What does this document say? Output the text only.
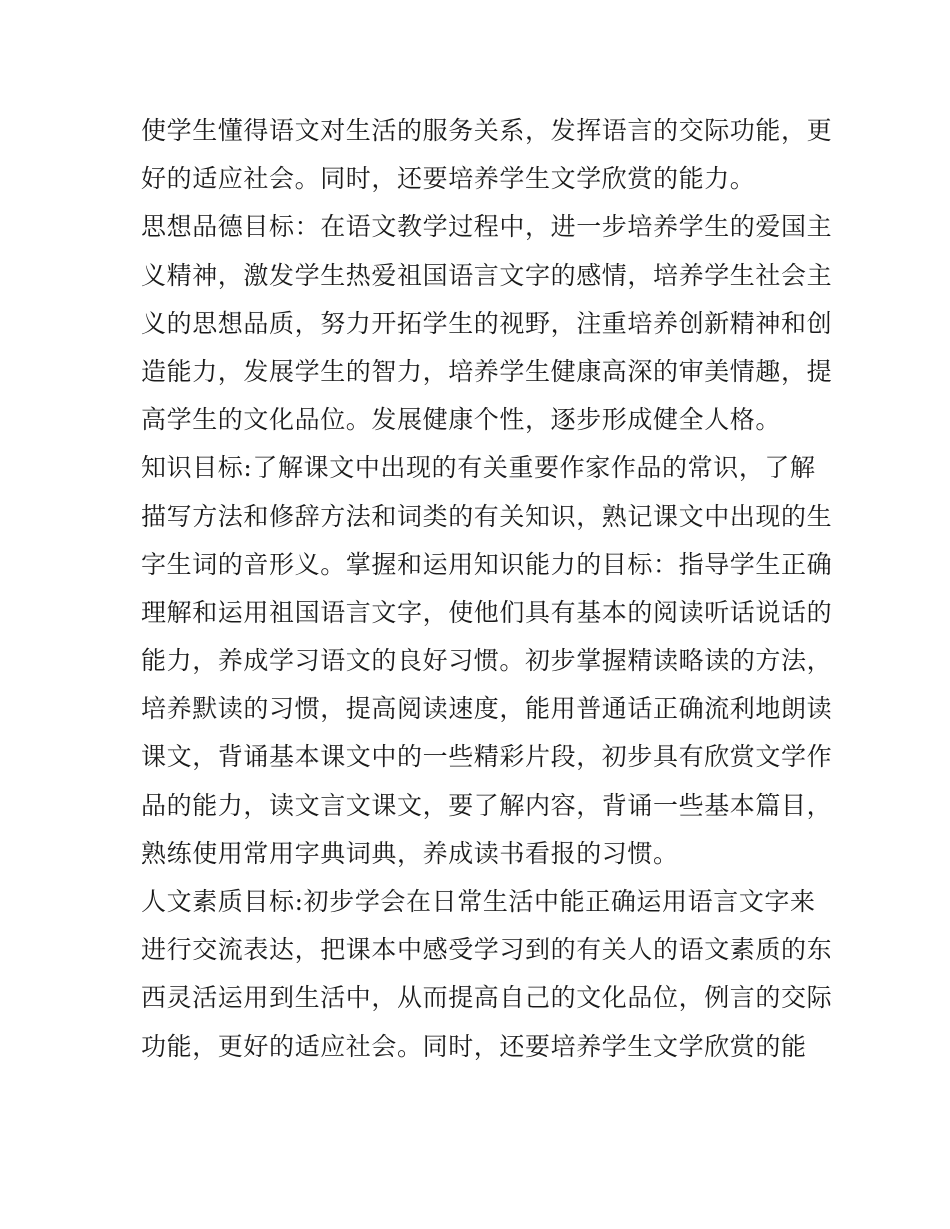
使学生懂得语文对生活的服务关系，发挥语言的交际功能，更
好的适应社会。同时，还要培养学生文学欣赏的能力。
思想品德目标：在语文教学过程中，进一步培养学生的爱国主
义精神，激发学生热爱祖国语言文字的感情，培养学生社会主
义的思想品质，努力开拓学生的视野，注重培养创新精神和创
造能力，发展学生的智力，培养学生健康高深的审美情趣，提
高学生的文化品位。发展健康个性，逐步形成健全人格。
知识目标:了解课文中出现的有关重要作家作品的常识，了解
描写方法和修辞方法和词类的有关知识，熟记课文中出现的生
字生词的音形义。掌握和运用知识能力的目标：指导学生正确
理解和运用祖国语言文字，使他们具有基本的阅读听话说话的
能力，养成学习语文的良好习惯。初步掌握精读略读的方法，
培养默读的习惯，提高阅读速度，能用普通话正确流利地朗读
课文，背诵基本课文中的一些精彩片段，初步具有欣赏文学作
品的能力，读文言文课文，要了解内容，背诵一些基本篇目，
熟练使用常用字典词典，养成读书看报的习惯。
人文素质目标:初步学会在日常生活中能正确运用语言文字来
进行交流表达，把课本中感受学习到的有关人的语文素质的东
西灵活运用到生活中，从而提高自己的文化品位，例言的交际
功能，更好的适应社会。同时，还要培养学生文学欣赏的能
